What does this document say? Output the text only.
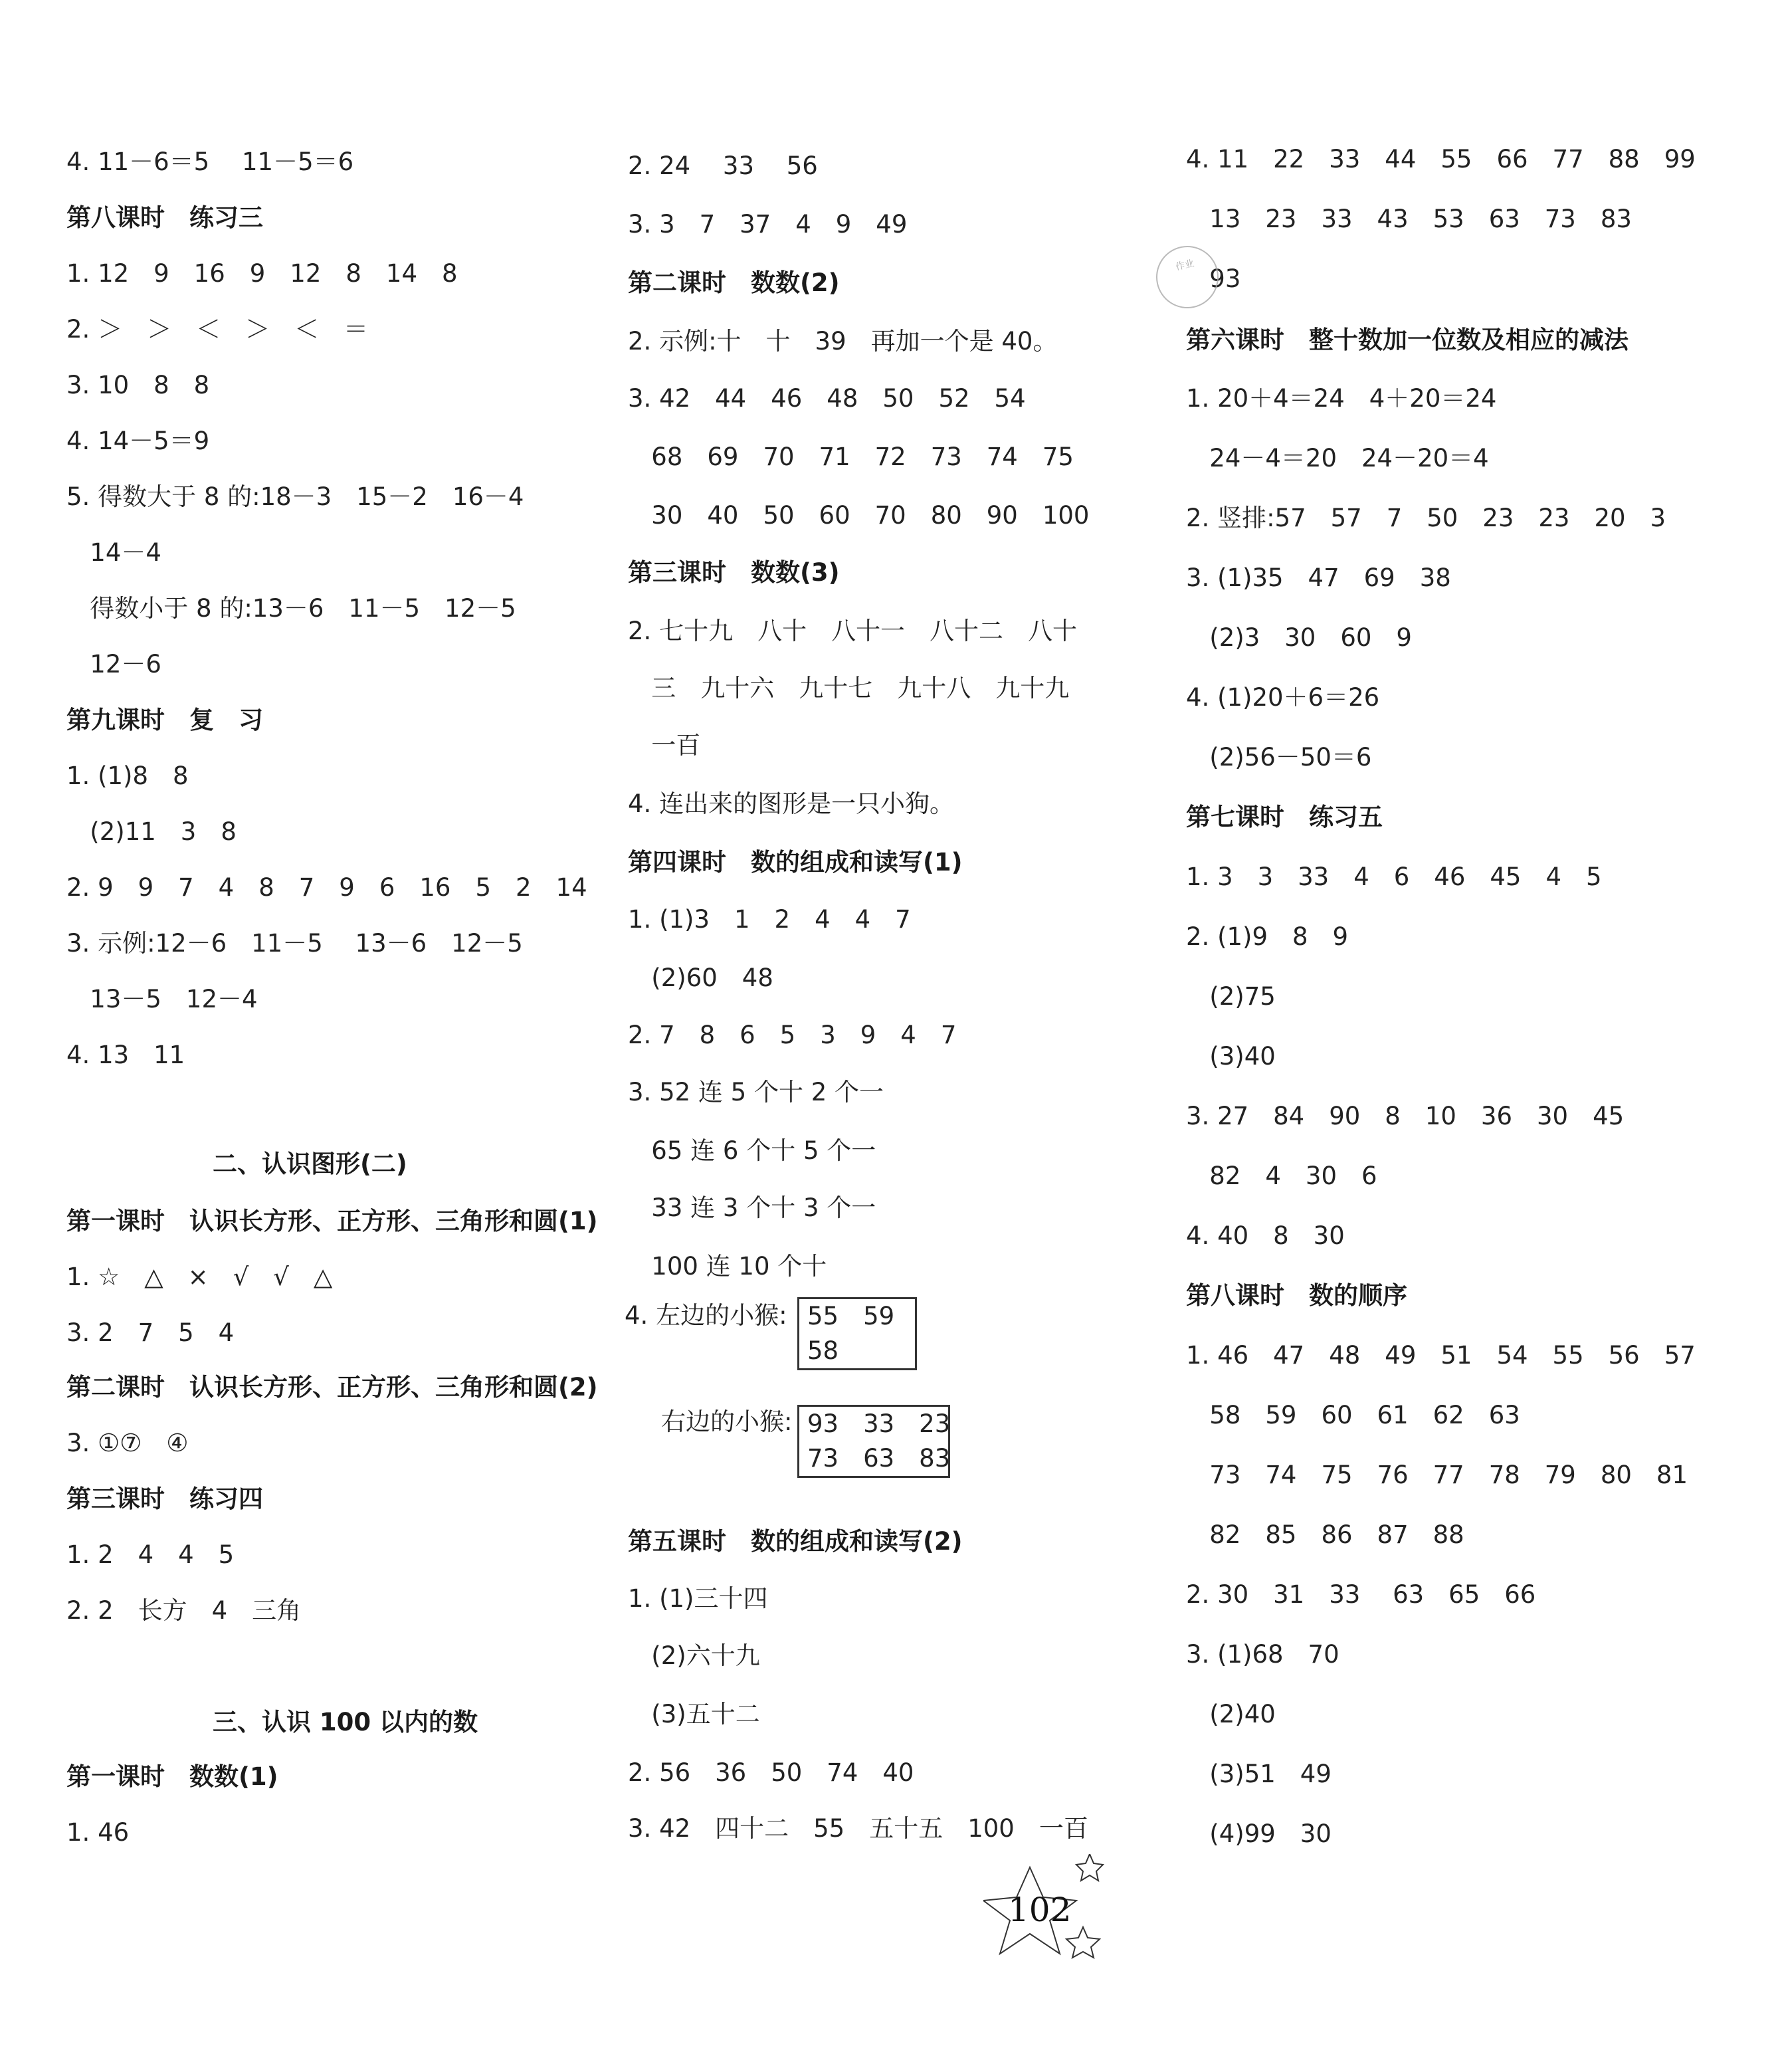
4. 11－6＝5　 11－5＝6
第八课时　练习三
1. 12　9　16　9　12　8　14　8
2. ＞　＞　＜　＞　＜　＝
3. 10　8　8
4. 14－5＝9
5. 得数大于 8 的:18－3　15－2　16－4
14－4
得数小于 8 的:13－6　11－5　12－5
12－6
第九课时　复　习
1. (1)8　8
(2)11　3　8
2. 9　9　7　4　8　7　9　6　16　5　2　14
3. 示例:12－6　11－5　 13－6　12－5
13－5　12－4
4. 13　11
二、认识图形(二)
第一课时　认识长方形、正方形、三角形和圆(1)
1. ☆　△　×　√　√　△
3. 2　7　5　4
第二课时　认识长方形、正方形、三角形和圆(2)
3. ①⑦　④
第三课时　练习四
1. 2　4　4　5
2. 2　长方　4　三角
三、认识 100 以内的数
第一课时　数数(1)
1. 46
2. 24　 33　 56
3. 3　7　37　4　9　49
第二课时　数数(2)
2. 示例:十　十　39　再加一个是 40。
3. 42　44　46　48　50　52　54
68　69　70　71　72　73　74　75
30　40　50　60　70　80　90　100
第三课时　数数(3)
2. 七十九　八十　八十一　八十二　八十
三　九十六　九十七　九十八　九十九
一百
4. 连出来的图形是一只小狗。
第四课时　数的组成和读写(1)
1. (1)3　1　2　4　4　7
(2)60　48
2. 7　8　6　5　3　9　4　7
3. 52 连 5 个十 2 个一
65 连 6 个十 5 个一
33 连 3 个十 3 个一
100 连 10 个十
第五课时　数的组成和读写(2)
1. (1)三十四
(2)六十九
(3)五十二
2. 56　36　50　74　40
3. 42　四十二　55　五十五　100　一百
4. 11　22　33　44　55　66　77　88　99
13　23　33　43　53　63　73　83
93
第六课时　整十数加一位数及相应的减法
1. 20＋4＝24　4＋20＝24
24－4＝20　24－20＝4
2. 竖排:57　57　7　50　23　23　20　3
3. (1)35　47　69　38
(2)3　30　60　9
4. (1)20＋6＝26
(2)56－50＝6
第七课时　练习五
1. 3　3　33　4　6　46　45　4　5
2. (1)9　8　9
(2)75
(3)40
3. 27　84　90　8　10　36　30　45
82　4　30　6
4. 40　8　30
第八课时　数的顺序
1. 46　47　48　49　51　54　55　56　57
58　59　60　61　62　63
73　74　75　76　77　78　79　80　81
82　85　86　87　88
2. 30　31　33　 63　65　66
3. (1)68　70
(2)40
(3)51　49
(4)99　30
4. 左边的小猴: 55　59
58
右边的小猴: 93　33　23
73　63　83

作业
102
